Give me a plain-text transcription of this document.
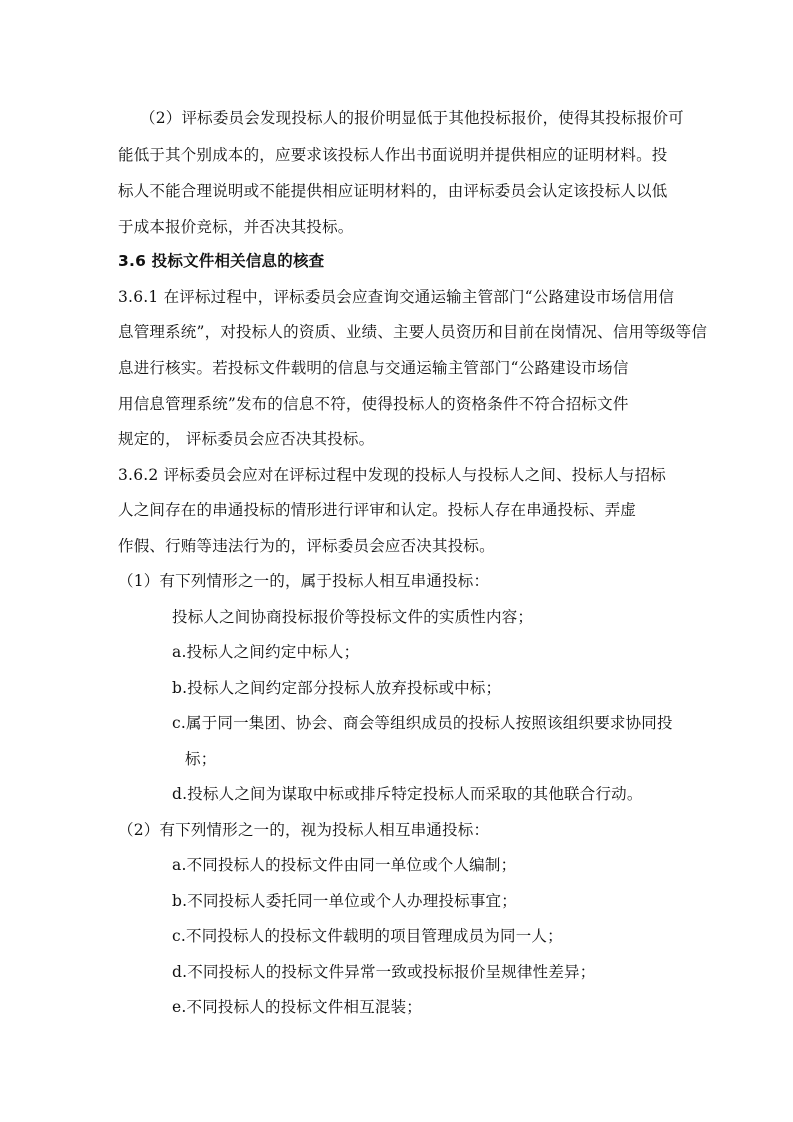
（2）评标委员会发现投标人的报价明显低于其他投标报价，使得其投标报价可
能低于其个别成本的，应要求该投标人作出书面说明并提供相应的证明材料。投
标人不能合理说明或不能提供相应证明材料的，由评标委员会认定该投标人以低
于成本报价竞标，并否决其投标。
3.6 投标文件相关信息的核查
3.6.1 在评标过程中，评标委员会应查询交通运输主管部门“公路建设市场信用信
息管理系统”，对投标人的资质、业绩、主要人员资历和目前在岗情况、信用等级等信
息进行核实。若投标文件载明的信息与交通运输主管部门“公路建设市场信
用信息管理系统”发布的信息不符，使得投标人的资格条件不符合招标文件
规定的， 评标委员会应否决其投标。
3.6.2 评标委员会应对在评标过程中发现的投标人与投标人之间、投标人与招标
人之间存在的串通投标的情形进行评审和认定。投标人存在串通投标、弄虚
作假、行贿等违法行为的，评标委员会应否决其投标。
（1）有下列情形之一的，属于投标人相互串通投标：
投标人之间协商投标报价等投标文件的实质性内容；
a.投标人之间约定中标人；
b.投标人之间约定部分投标人放弃投标或中标；
c.属于同一集团、协会、商会等组织成员的投标人按照该组织要求协同投
标；
d.投标人之间为谋取中标或排斥特定投标人而采取的其他联合行动。
（2）有下列情形之一的，视为投标人相互串通投标：
a.不同投标人的投标文件由同一单位或个人编制；
b.不同投标人委托同一单位或个人办理投标事宜；
c.不同投标人的投标文件载明的项目管理成员为同一人；
d.不同投标人的投标文件异常一致或投标报价呈规律性差异；
e.不同投标人的投标文件相互混装；
